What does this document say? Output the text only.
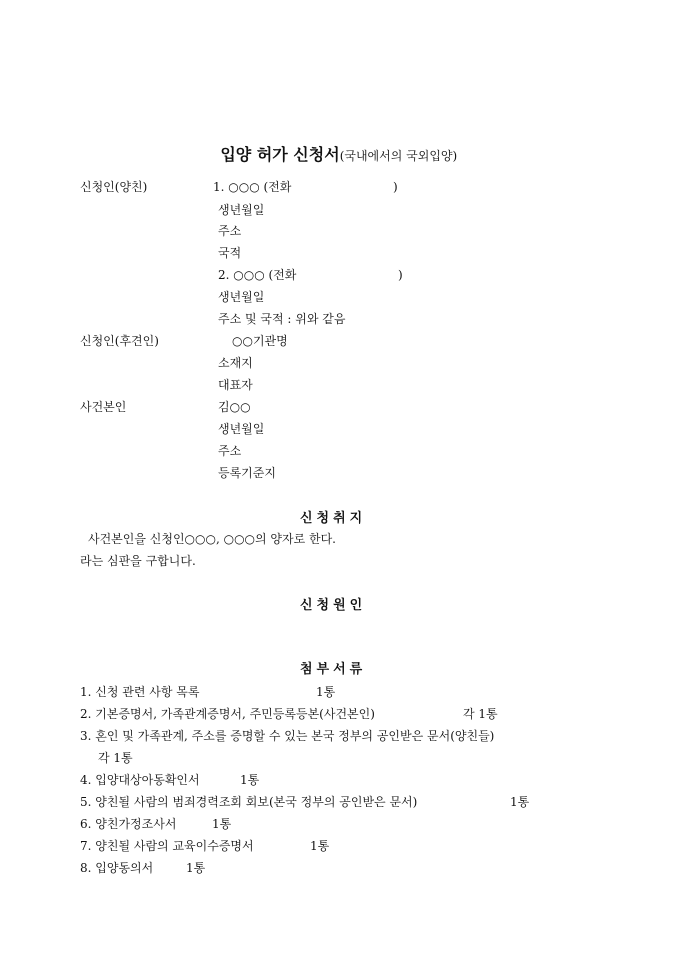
입양 허가 신청서(국내에서의 국외입양)

신청인(양친)	1. ○○○ (전화	)
생년월일
주소
국적
2. ○○○ (전화	)
생년월일
주소 및 국적 : 위와 같음
신청인(후견인)	○○기관명
소재지
대표자
사건본인	김○○
생년월일
주소
등록기준지
신청취지
사건본인을 신청인○○○, ○○○의 양자로 한다.
라는 심판을 구합니다.
신청원인
첨부서류
1. 신청 관련 사항 목록	1통
2. 기본증명서, 가족관계증명서, 주민등록등본(사건본인)	각 1통
3. 혼인 및 가족관계, 주소를 증명할 수 있는 본국 정부의 공인받은 문서(양친들)
각 1통
4. 입양대상아동확인서	1통
5. 양친될 사람의 범죄경력조회 회보(본국 정부의 공인받은 문서)	1통
6. 양친가정조사서	1통
7. 양친될 사람의 교육이수증명서	1통
8. 입양동의서	1통
